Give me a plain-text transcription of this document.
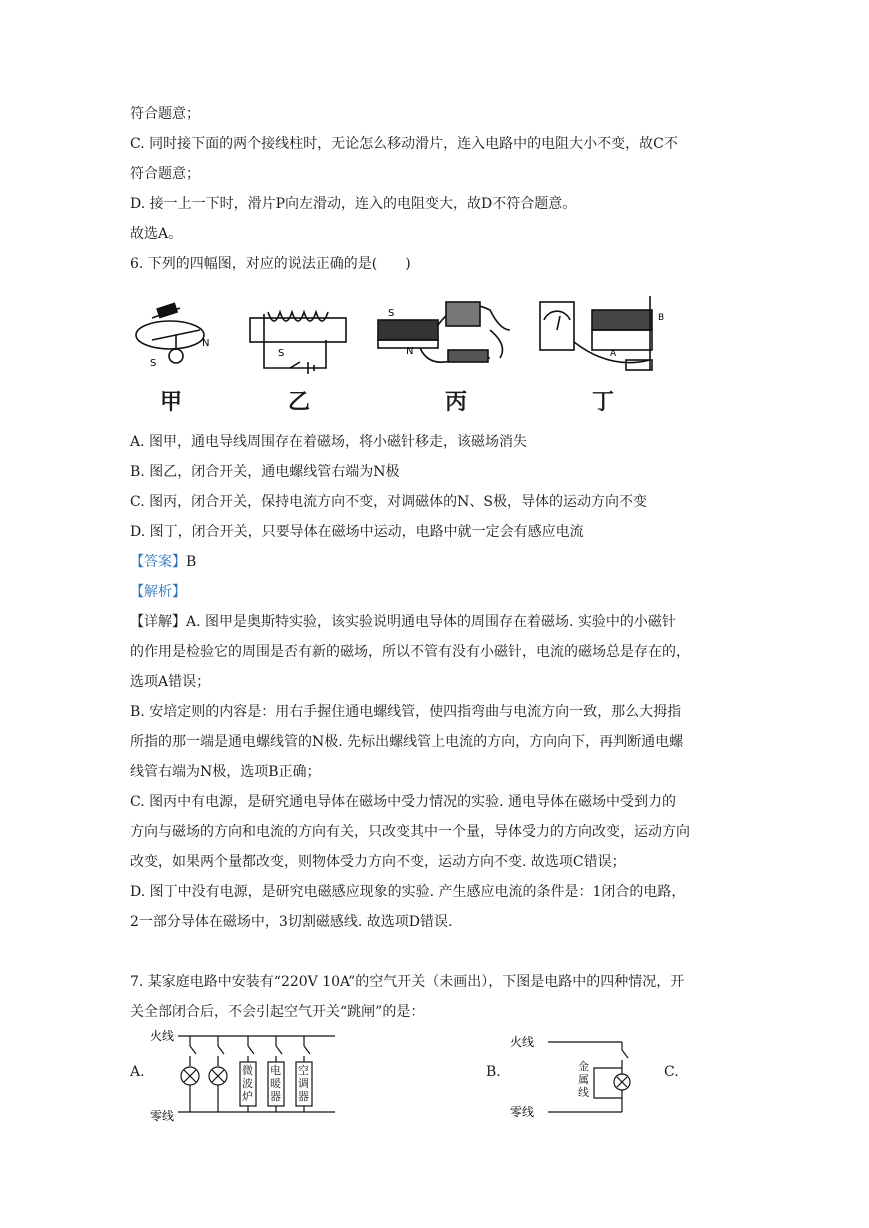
符合题意；
C. 同时接下面的两个接线柱时，无论怎么移动滑片，连入电路中的电阻大小不变，故C不
符合题意；
D. 接一上一下时，滑片P向左滑动，连入的电阻变大，故D不符合题意。
故选A。
6. 下列的四幅图，对应的说法正确的是(　　)
S
N
S
S
N
B
A
甲	乙	丙	丁
A. 图甲，通电导线周围存在着磁场，将小磁针移走，该磁场消失
B. 图乙，闭合开关，通电螺线管右端为N极
C. 图丙，闭合开关，保持电流方向不变，对调磁体的N、S极，导体的运动方向不变
D. 图丁，闭合开关，只要导体在磁场中运动，电路中就一定会有感应电流
【答案】B
【解析】
【详解】A. 图甲是奥斯特实验，该实验说明通电导体的周围存在着磁场. 实验中的小磁针
的作用是检验它的周围是否有新的磁场，所以不管有没有小磁针，电流的磁场总是存在的，
选项A错误；
B. 安培定则的内容是：用右手握住通电螺线管，使四指弯曲与电流方向一致，那么大拇指
所指的那一端是通电螺线管的N极. 先标出螺线管上电流的方向，方向向下，再判断通电螺
线管右端为N极，选项B正确；
C. 图丙中有电源，是研究通电导体在磁场中受力情况的实验. 通电导体在磁场中受到力的
方向与磁场的方向和电流的方向有关，只改变其中一个量，导体受力的方向改变，运动方向
改变，如果两个量都改变，则物体受力方向不变，运动方向不变. 故选项C错误；
D. 图丁中没有电源，是研究电磁感应现象的实验. 产生感应电流的条件是：1闭合的电路，
2一部分导体在磁场中，3切割磁感线. 故选项D错误.
7. 某家庭电路中安装有“220V 10A”的空气开关（未画出），下图是电路中的四种情况，开
关全部闭合后，不会引起空气开关“跳闸”的是：
A.	B.	C.
火线
零线
微波炉
电暖器
空调器
火线
零线
金属线
